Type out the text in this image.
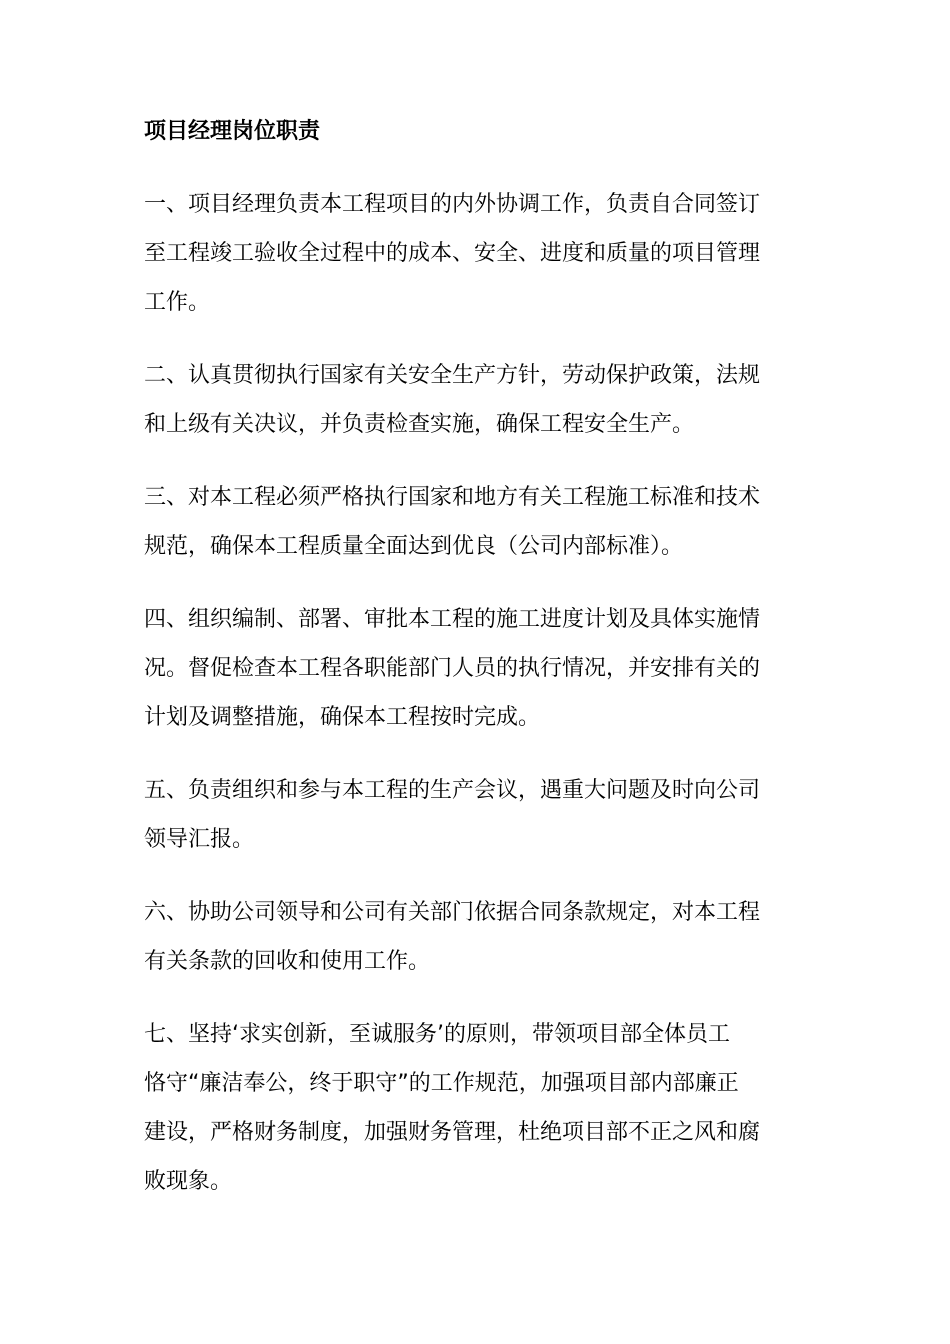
项目经理岗位职责
一、项目经理负责本工程项目的内外协调工作，负责自合同签订
至工程竣工验收全过程中的成本、安全、进度和质量的项目管理
工作。
二、认真贯彻执行国家有关安全生产方针，劳动保护政策，法规
和上级有关决议，并负责检查实施，确保工程安全生产。
三、对本工程必须严格执行国家和地方有关工程施工标准和技术
规范，确保本工程质量全面达到优良（公司内部标准）。
四、组织编制、部署、审批本工程的施工进度计划及具体实施情
况。督促检查本工程各职能部门人员的执行情况，并安排有关的
计划及调整措施，确保本工程按时完成。
五、负责组织和参与本工程的生产会议，遇重大问题及时向公司
领导汇报。
六、协助公司领导和公司有关部门依据合同条款规定，对本工程
有关条款的回收和使用工作。
七、坚持‘求实创新，至诚服务’的原则，带领项目部全体员工
恪守“廉洁奉公，终于职守”的工作规范，加强项目部内部廉正
建设，严格财务制度，加强财务管理，杜绝项目部不正之风和腐
败现象。
